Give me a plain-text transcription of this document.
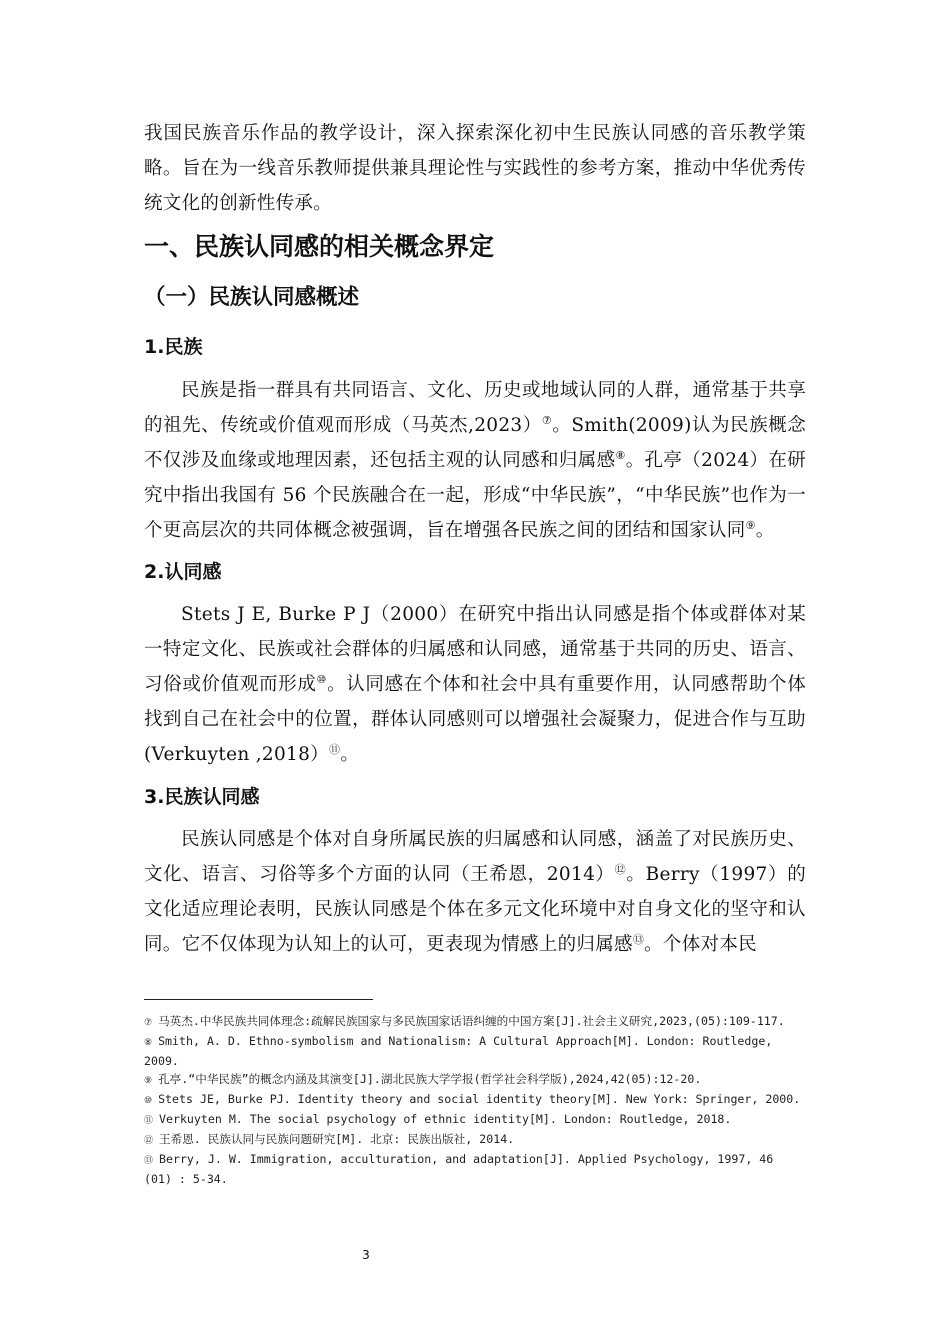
我国民族音乐作品的教学设计，深入探索深化初中生民族认同感的音乐教学策略。旨在为一线音乐教师提供兼具理论性与实践性的参考方案，推动中华优秀传统文化的创新性传承。

一、民族认同感的相关概念界定
（一）民族认同感概述
1.民族

民族是指一群具有共同语言、文化、历史或地域认同的人群，通常基于共享的祖先、传统或价值观而形成（马英杰,2023）⑦。Smith(2009)认为民族概念不仅涉及血缘或地理因素，还包括主观的认同感和归属感⑧。孔亭（2024）在研究中指出我国有 56 个民族融合在一起，形成“中华民族”，“中华民族”也作为一个更高层次的共同体概念被强调，旨在增强各民族之间的团结和国家认同⑨。

2.认同感

Stets J E, Burke P J（2000）在研究中指出认同感是指个体或群体对某一特定文化、民族或社会群体的归属感和认同感，通常基于共同的历史、语言、习俗或价值观而形成⑩。认同感在个体和社会中具有重要作用，认同感帮助个体找到自己在社会中的位置，群体认同感则可以增强社会凝聚力，促进合作与互助(Verkuyten ,2018）⑪。

3.民族认同感

民族认同感是个体对自身所属民族的归属感和认同感，涵盖了对民族历史、文化、语言、习俗等多个方面的认同（王希恩，2014）⑫。Berry（1997）的文化适应理论表明，民族认同感是个体在多元文化环境中对自身文化的坚守和认同。它不仅体现为认知上的认可，更表现为情感上的归属感⑬。个体对本民

⑦ 马英杰.中华民族共同体理念:疏解民族国家与多民族国家话语纠缠的中国方案[J].社会主义研究,2023,(05):109-117.

⑧ Smith, A. D. Ethno-symbolism and Nationalism: A Cultural Approach[M]. London: Routledge, 2009.

⑨ 孔亭.“中华民族”的概念内涵及其演变[J].湖北民族大学学报(哲学社会科学版),2024,42(05):12-20.

⑩ Stets JE, Burke PJ. Identity theory and social identity theory[M]. New York: Springer, 2000.

⑪ Verkuyten M. The social psychology of ethnic identity[M]. London: Routledge, 2018.

⑫ 王希恩. 民族认同与民族问题研究[M]. 北京: 民族出版社, 2014.

⑬ Berry, J. W. Immigration, acculturation, and adaptation[J]. Applied Psychology, 1997, 46 (01) : 5-34.

3
